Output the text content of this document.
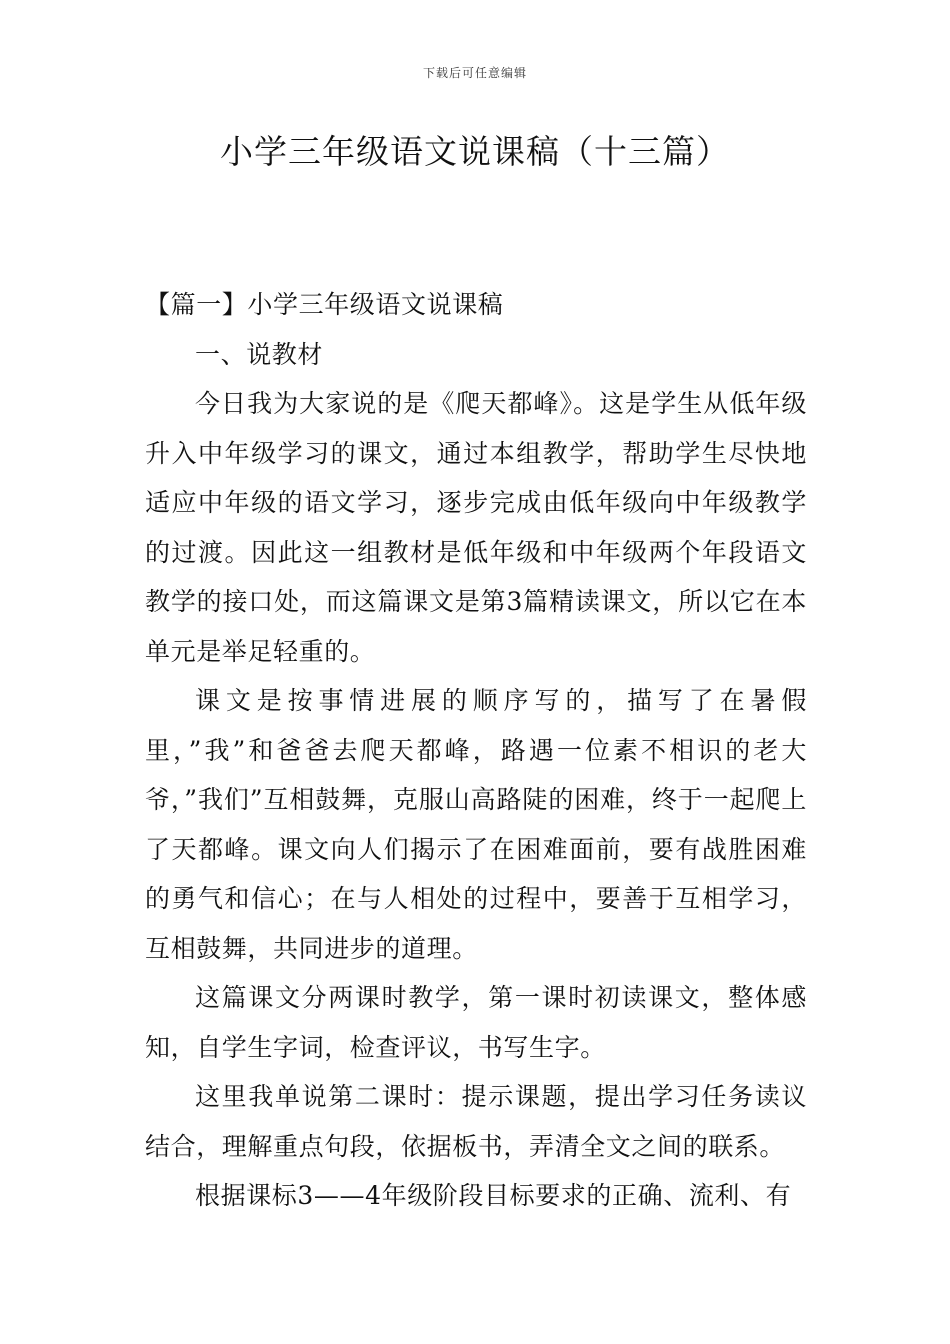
下载后可任意编辑
小学三年级语文说课稿（十三篇）

【篇一】小学三年级语文说课稿

一、说教材

今日我为大家说的是《爬天都峰》。这是学生从低年级升入中年级学习的课文，通过本组教学，帮助学生尽快地适应中年级的语文学习，逐步完成由低年级向中年级教学的过渡。因此这一组教材是低年级和中年级两个年段语文教学的接口处，而这篇课文是第3篇精读课文，所以它在本单元是举足轻重的。

课文是按事情进展的顺序写的，描写了在暑假里，”我”和爸爸去爬天都峰，路遇一位素不相识的老大爷，”我们”互相鼓舞，克服山高路陡的困难，终于一起爬上了天都峰。课文向人们揭示了在困难面前，要有战胜困难的勇气和信心；在与人相处的过程中，要善于互相学习，互相鼓舞，共同进步的道理。

这篇课文分两课时教学，第一课时初读课文，整体感知，自学生字词，检查评议，书写生字。

这里我单说第二课时：提示课题，提出学习任务读议结合，理解重点句段，依据板书，弄清全文之间的联系。

根据课标3——4年级阶段目标要求的正确、流利、有
